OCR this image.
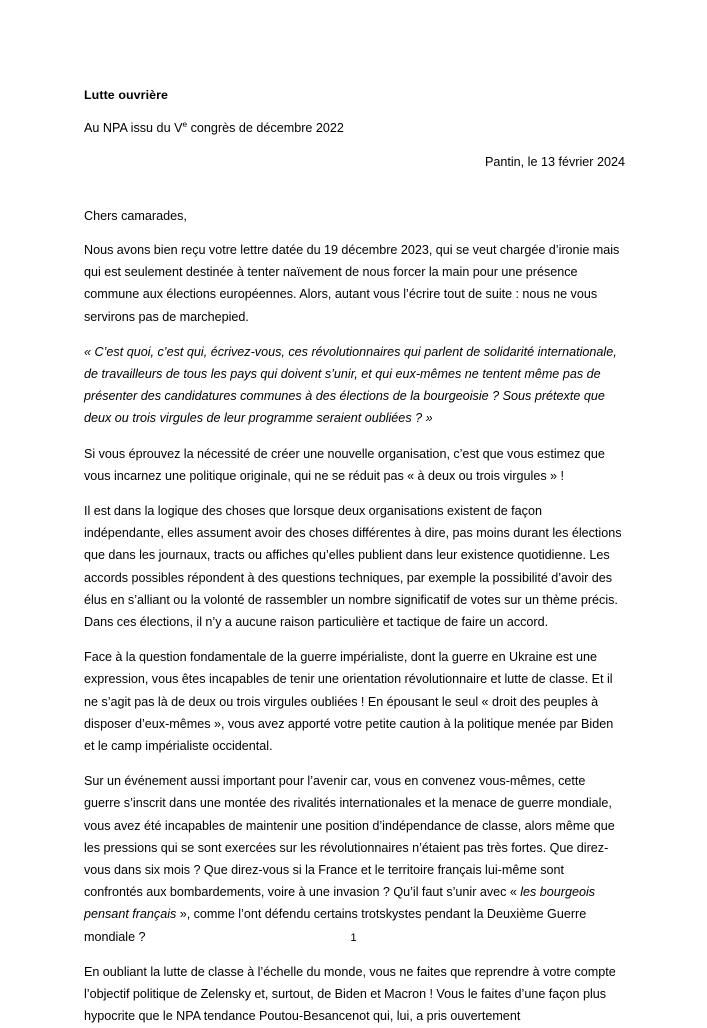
Lutte ouvrière
Au NPA issu du Ve congrès de décembre 2022
Pantin, le 13 février 2024
Chers camarades,

Nous avons bien reçu votre lettre datée du 19 décembre 2023, qui se veut chargée d’ironie mais qui est seulement destinée à tenter naïvement de nous forcer la main pour une présence commune aux élections européennes. Alors, autant vous l’écrire tout de suite : nous ne vous servirons pas de marchepied.

« C’est quoi, c’est qui, écrivez-vous, ces révolutionnaires qui parlent de solidarité internationale, de travailleurs de tous les pays qui doivent s’unir, et qui eux-mêmes ne tentent même pas de présenter des candidatures communes à des élections de la bourgeoisie ? Sous prétexte que deux ou trois virgules de leur programme seraient oubliées ? »

Si vous éprouvez la nécessité de créer une nouvelle organisation, c’est que vous estimez que vous incarnez une politique originale, qui ne se réduit pas « à deux ou trois virgules » !

Il est dans la logique des choses que lorsque deux organisations existent de façon indépendante, elles assument avoir des choses différentes à dire, pas moins durant les élections que dans les journaux, tracts ou affiches qu’elles publient dans leur existence quotidienne. Les accords possibles répondent à des questions techniques, par exemple la possibilité d’avoir des élus en s’alliant ou la volonté de rassembler un nombre significatif de votes sur un thème précis. Dans ces élections, il n’y a aucune raison particulière et tactique de faire un accord.

Face à la question fondamentale de la guerre impérialiste, dont la guerre en Ukraine est une expression, vous êtes incapables de tenir une orientation révolutionnaire et lutte de classe. Et il ne s’agit pas là de deux ou trois virgules oubliées ! En épousant le seul « droit des peuples à disposer d’eux-mêmes », vous avez apporté votre petite caution à la politique menée par Biden et le camp impérialiste occidental.

Sur un événement aussi important pour l’avenir car, vous en convenez vous-mêmes, cette guerre s’inscrit dans une montée des rivalités internationales et la menace de guerre mondiale, vous avez été incapables de maintenir une position d’indépendance de classe, alors même que les pressions qui se sont exercées sur les révolutionnaires n’étaient pas très fortes. Que direz-vous dans six mois ? Que direz-vous si la France et le territoire français lui-même sont confrontés aux bombardements, voire à une invasion ? Qu’il faut s’unir avec « les bourgeois pensant français », comme l’ont défendu certains trotskystes pendant la Deuxième Guerre mondiale ?

En oubliant la lutte de classe à l’échelle du monde, vous ne faites que reprendre à votre compte l’objectif politique de Zelensky et, surtout, de Biden et Macron ! Vous le faites d’une façon plus hypocrite que le NPA tendance Poutou-Besancenot qui, lui, a pris ouvertement

1
